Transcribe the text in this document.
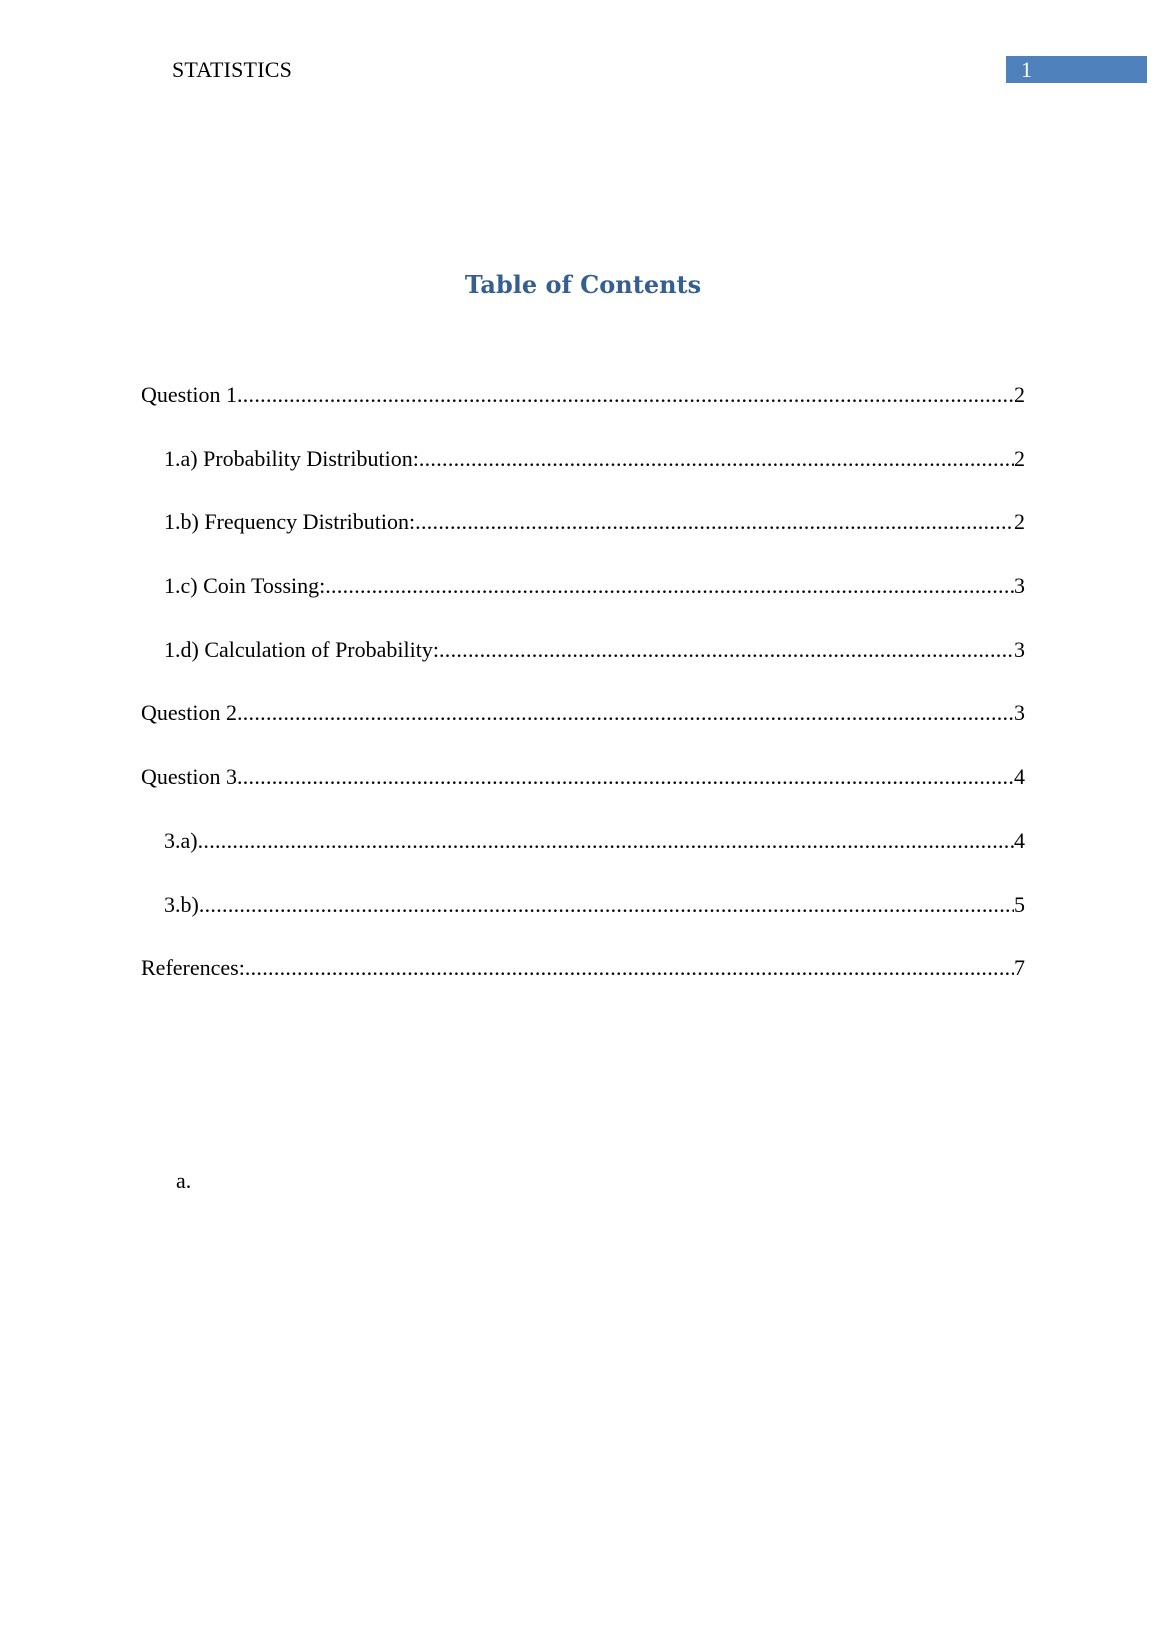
STATISTICS	1
Table of Contents
Question 1 .....	2
1.a) Probability Distribution: .....	2
1.b) Frequency Distribution: .....	2
1.c) Coin Tossing: .....	3
1.d) Calculation of Probability: .....	3
Question 2 .....	3
Question 3 .....	4
3.a) .....	4
3.b) .....	5
References: .....	7
a.
